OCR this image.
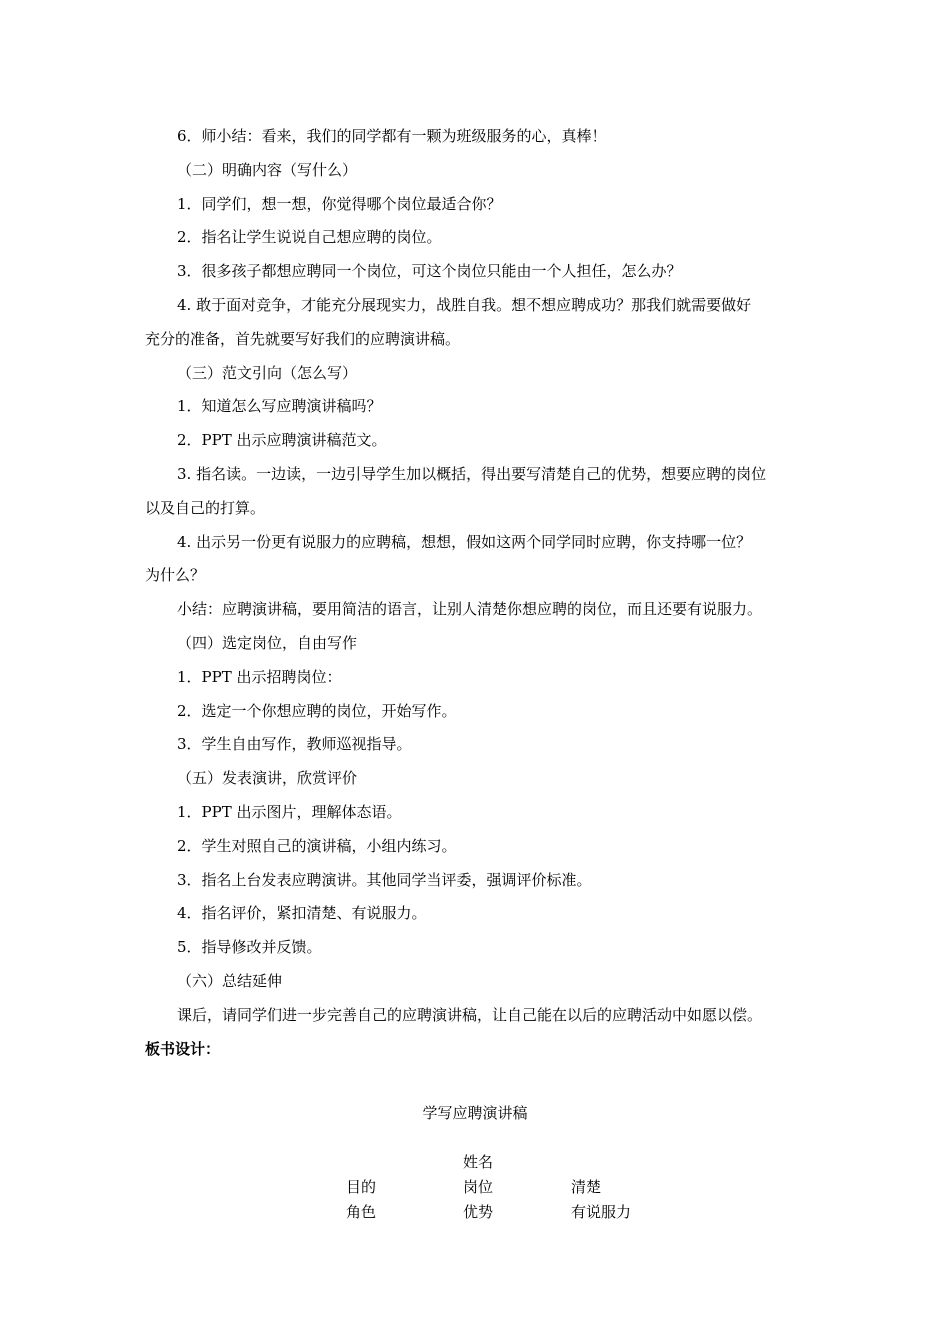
6．师小结：看来，我们的同学都有一颗为班级服务的心，真棒！
（二）明确内容（写什么）
1．同学们，想一想，你觉得哪个岗位最适合你？
2．指名让学生说说自己想应聘的岗位。
3．很多孩子都想应聘同一个岗位，可这个岗位只能由一个人担任，怎么办？
4. 敢于面对竞争，才能充分展现实力，战胜自我。想不想应聘成功？那我们就需要做好
充分的准备，首先就要写好我们的应聘演讲稿。
（三）范文引向（怎么写）
1．知道怎么写应聘演讲稿吗？
2．PPT 出示应聘演讲稿范文。
3. 指名读。一边读，一边引导学生加以概括，得出要写清楚自己的优势，想要应聘的岗位
以及自己的打算。
4. 出示另一份更有说服力的应聘稿，想想，假如这两个同学同时应聘，你支持哪一位？
为什么？
小结：应聘演讲稿，要用简洁的语言，让别人清楚你想应聘的岗位，而且还要有说服力。
（四）选定岗位，自由写作
1．PPT 出示招聘岗位：
2．选定一个你想应聘的岗位，开始写作。
3．学生自由写作，教师巡视指导。
（五）发表演讲，欣赏评价
1．PPT 出示图片，理解体态语。
2．学生对照自己的演讲稿，小组内练习。
3．指名上台发表应聘演讲。其他同学当评委，强调评价标准。
4．指名评价，紧扣清楚、有说服力。
5．指导修改并反馈。
（六）总结延伸
课后，请同学们进一步完善自己的应聘演讲稿，让自己能在以后的应聘活动中如愿以偿。
板书设计：
学写应聘演讲稿
目的
角色
姓名
岗位
优势
清楚
有说服力
